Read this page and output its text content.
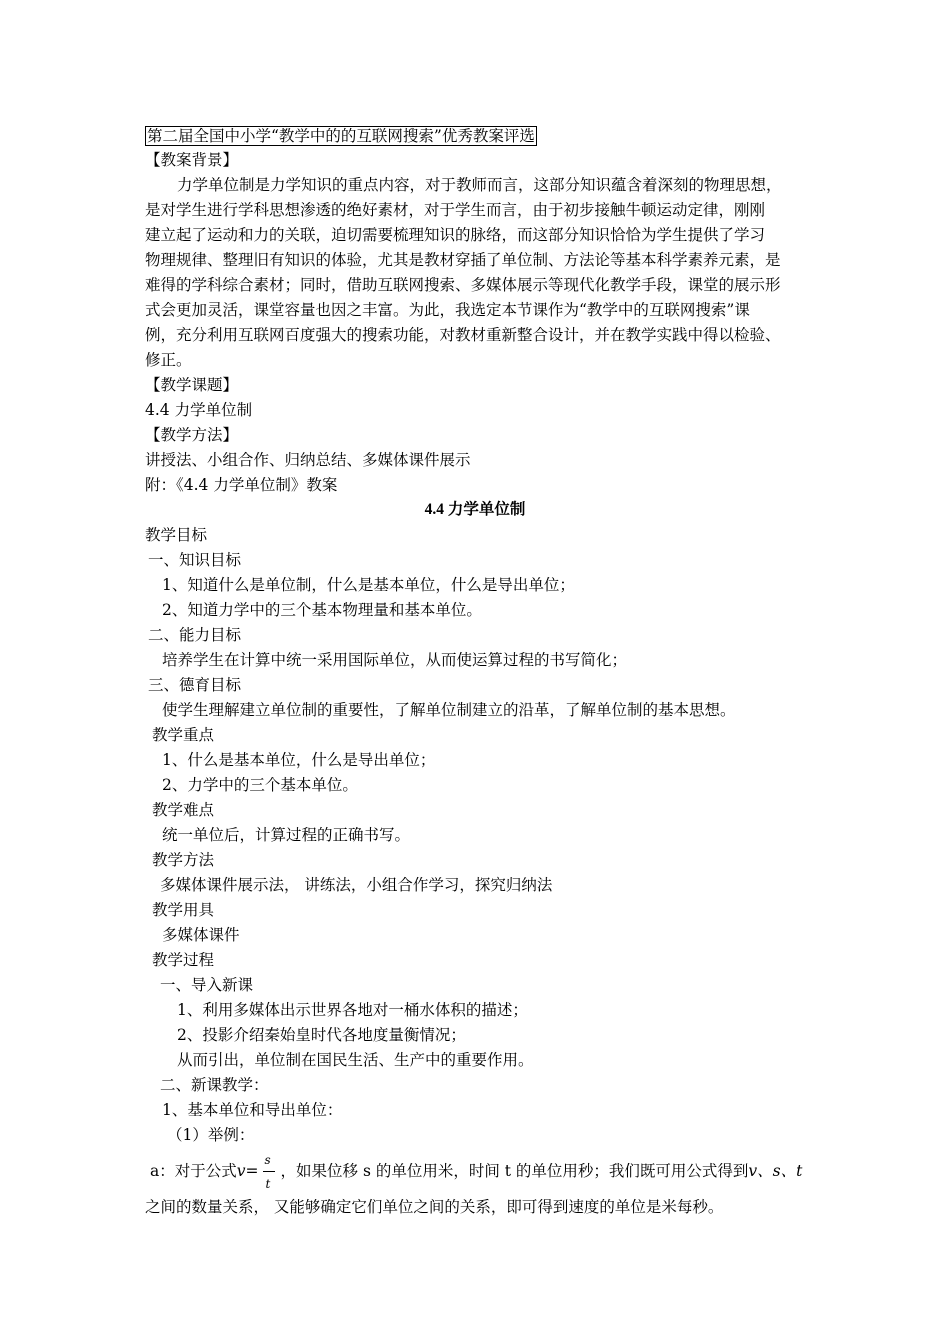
第二届全国中小学“教学中的的互联网搜索”优秀教案评选
【教案背景】
力学单位制是力学知识的重点内容，对于教师而言，这部分知识蕴含着深刻的物理思想，
是对学生进行学科思想渗透的绝好素材，对于学生而言，由于初步接触牛顿运动定律，刚刚
建立起了运动和力的关联，迫切需要梳理知识的脉络，而这部分知识恰恰为学生提供了学习
物理规律、整理旧有知识的体验，尤其是教材穿插了单位制、方法论等基本科学素养元素，是
难得的学科综合素材；同时，借助互联网搜索、多媒体展示等现代化教学手段，课堂的展示形
式会更加灵活，课堂容量也因之丰富。为此，我选定本节课作为“教学中的互联网搜索”课
例，充分利用互联网百度强大的搜索功能，对教材重新整合设计，并在教学实践中得以检验、
修正。
【教学课题】
4.4 力学单位制
【教学方法】
讲授法、小组合作、归纳总结、多媒体课件展示
附：《4.4 力学单位制》教案
4.4 力学单位制
教学目标
一、知识目标
1、知道什么是单位制，什么是基本单位，什么是导出单位；
2、知道力学中的三个基本物理量和基本单位。
二、能力目标
培养学生在计算中统一采用国际单位，从而使运算过程的书写简化；
三、德育目标
使学生理解建立单位制的重要性，了解单位制建立的沿革，了解单位制的基本思想。
教学重点
1、什么是基本单位，什么是导出单位；
2、力学中的三个基本单位。
教学难点
统一单位后，计算过程的正确书写。
教学方法
多媒体课件展示法， 讲练法，小组合作学习，探究归纳法
教学用具
多媒体课件
教学过程
一、导入新课
1、利用多媒体出示世界各地对一桶水体积的描述；
2、投影介绍秦始皇时代各地度量衡情况；
从而引出，单位制在国民生活、生产中的重要作用。
二、新课教学：
1、基本单位和导出单位：
（1）举例：
a：对于公式$v= \frac{s}{t}$ ，如果位移 s 的单位用米，时间 t 的单位用秒；我们既可用公式得到v、s、t
之间的数量关系， 又能够确定它们单位之间的关系，即可得到速度的单位是米每秒。
